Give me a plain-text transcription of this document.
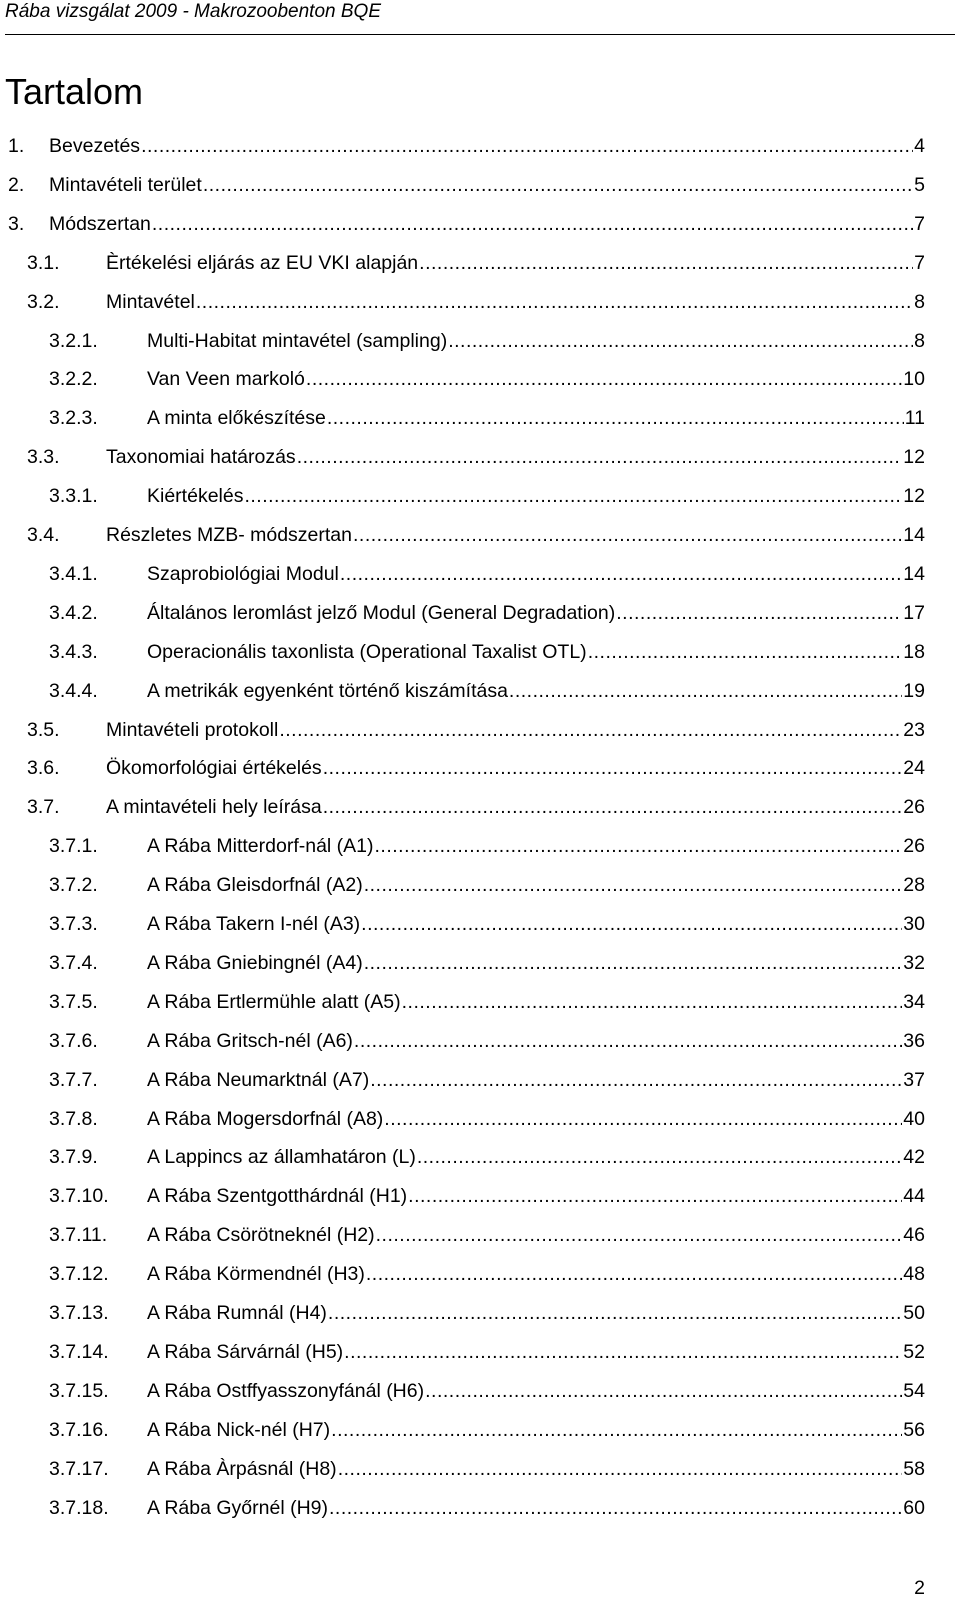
Rába vizsgálat 2009 - Makrozoobenton BQE
Tartalom
1. Bevezetés .....	4
2. Mintavételi terület .....	5
3. Módszertan .....	7
3.1. Èrtékelési eljárás az EU VKI alapján .....	7
3.2. Mintavétel .....	8
3.2.1.	Multi-Habitat mintavétel (sampling) .....	8
3.2.2.	Van Veen markoló .....	10
3.2.3.	A minta előkészítése .....	11
3.3. Taxonomiai határozás .....	12
3.3.1.	Kiértékelés .....	12
3.4. Részletes MZB- módszertan .....	14
3.4.1.	Szaprobiológiai Modul .....	14
3.4.2.	Általános leromlást jelző Modul (General Degradation) .....	17
3.4.3.	Operacionális taxonlista (Operational Taxalist OTL) .....	18
3.4.4.	A metrikák egyenként történő kiszámítása .....	19
3.5. Mintavételi protokoll .....	23
3.6. Ökomorfológiai értékelés .....	24
3.7. A mintavételi hely leírása .....	26
3.7.1.	A Rába Mitterdorf-nál (A1) .....	26
3.7.2.	A Rába Gleisdorfnál (A2) .....	28
3.7.3.	A Rába Takern I-nél (A3) .....	30
3.7.4.	A Rába Gniebingnél (A4) .....	32
3.7.5.	A Rába Ertlermühle alatt (A5) .....	34
3.7.6.	A Rába Gritsch-nél (A6) .....	36
3.7.7.	A Rába Neumarktnál (A7) .....	37
3.7.8.	A Rába Mogersdorfnál (A8) .....	40
3.7.9.	A Lappincs az államhatáron (L) .....	42
3.7.10. A Rába Szentgotthárdnál (H1) .....	44
3.7.11. A Rába Csörötneknél (H2) .....	46
3.7.12. A Rába Körmendnél (H3) .....	48
3.7.13. A Rába Rumnál (H4) .....	50
3.7.14. A Rába Sárvárnál (H5) .....	52
3.7.15. A Rába Ostffyasszonyfánál (H6) .....	54
3.7.16. A Rába Nick-nél (H7) .....	56
3.7.17. A Rába Àrpásnál (H8) .....	58
3.7.18. A Rába Győrnél (H9) .....	60
2
